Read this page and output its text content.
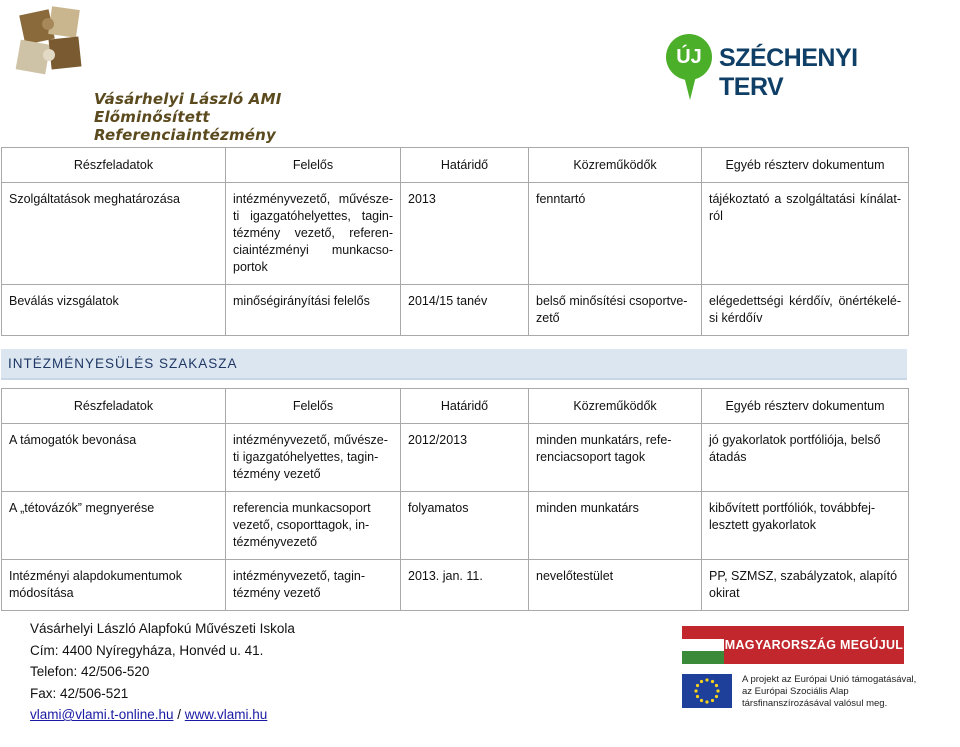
Vásárhelyi László AMI
Előminősített Referenciaintézmény
ÚJ SZÉCHENYI TERV
Részfeladatok	Felelős	Határidő	Közreműködők	Egyéb részterv dokumentum
Szolgáltatások meghatározása	intézményvezető, művésze-ti igazgatóhelyettes, tagin-tézmény vezető, referen-ciaintézményi munkacso-portok	2013	fenntartó	tájékoztató a szolgáltatási kínálat-ról
Beválás vizsgálatok	minőségirányítási felelős	2014/15 tanév	belső minősítési csoportve-zető	elégedettségi kérdőív, önértékelé-si kérdőív
INTÉZMÉNYESÜLÉS SZAKASZA
Részfeladatok	Felelős	Határidő	Közreműködők	Egyéb részterv dokumentum
A támogatók bevonása	intézményvezető, művésze-ti igazgatóhelyettes, tagin-tézmény vezető	2012/2013	minden munkatárs, refe-renciacsoport tagok	jó gyakorlatok portfóliója, belső átadás
A „tétovázók” megnyerése	referencia munkacsoport vezető, csoporttagok, in-tézményvezető	folyamatos	minden munkatárs	kibővített portfóliók, továbbfej-lesztett gyakorlatok
Intézményi alapdokumentumok módosítása	intézményvezető, tagin-tézmény vezető	2013. jan. 11.	nevelőtestület	PP, SZMSZ, szabályzatok, alapító okirat
Vásárhelyi László Alapfokú Művészeti Iskola
Cím: 4400 Nyíregyháza, Honvéd u. 41.
Telefon: 42/506-520
Fax: 42/506-521
vlami@vlami.t-online.hu / www.vlami.hu
MAGYARORSZÁG MEGÚJUL
A projekt az Európai Unió támogatásával,
az Európai Szociális Alap
társfinanszírozásával valósul meg.
